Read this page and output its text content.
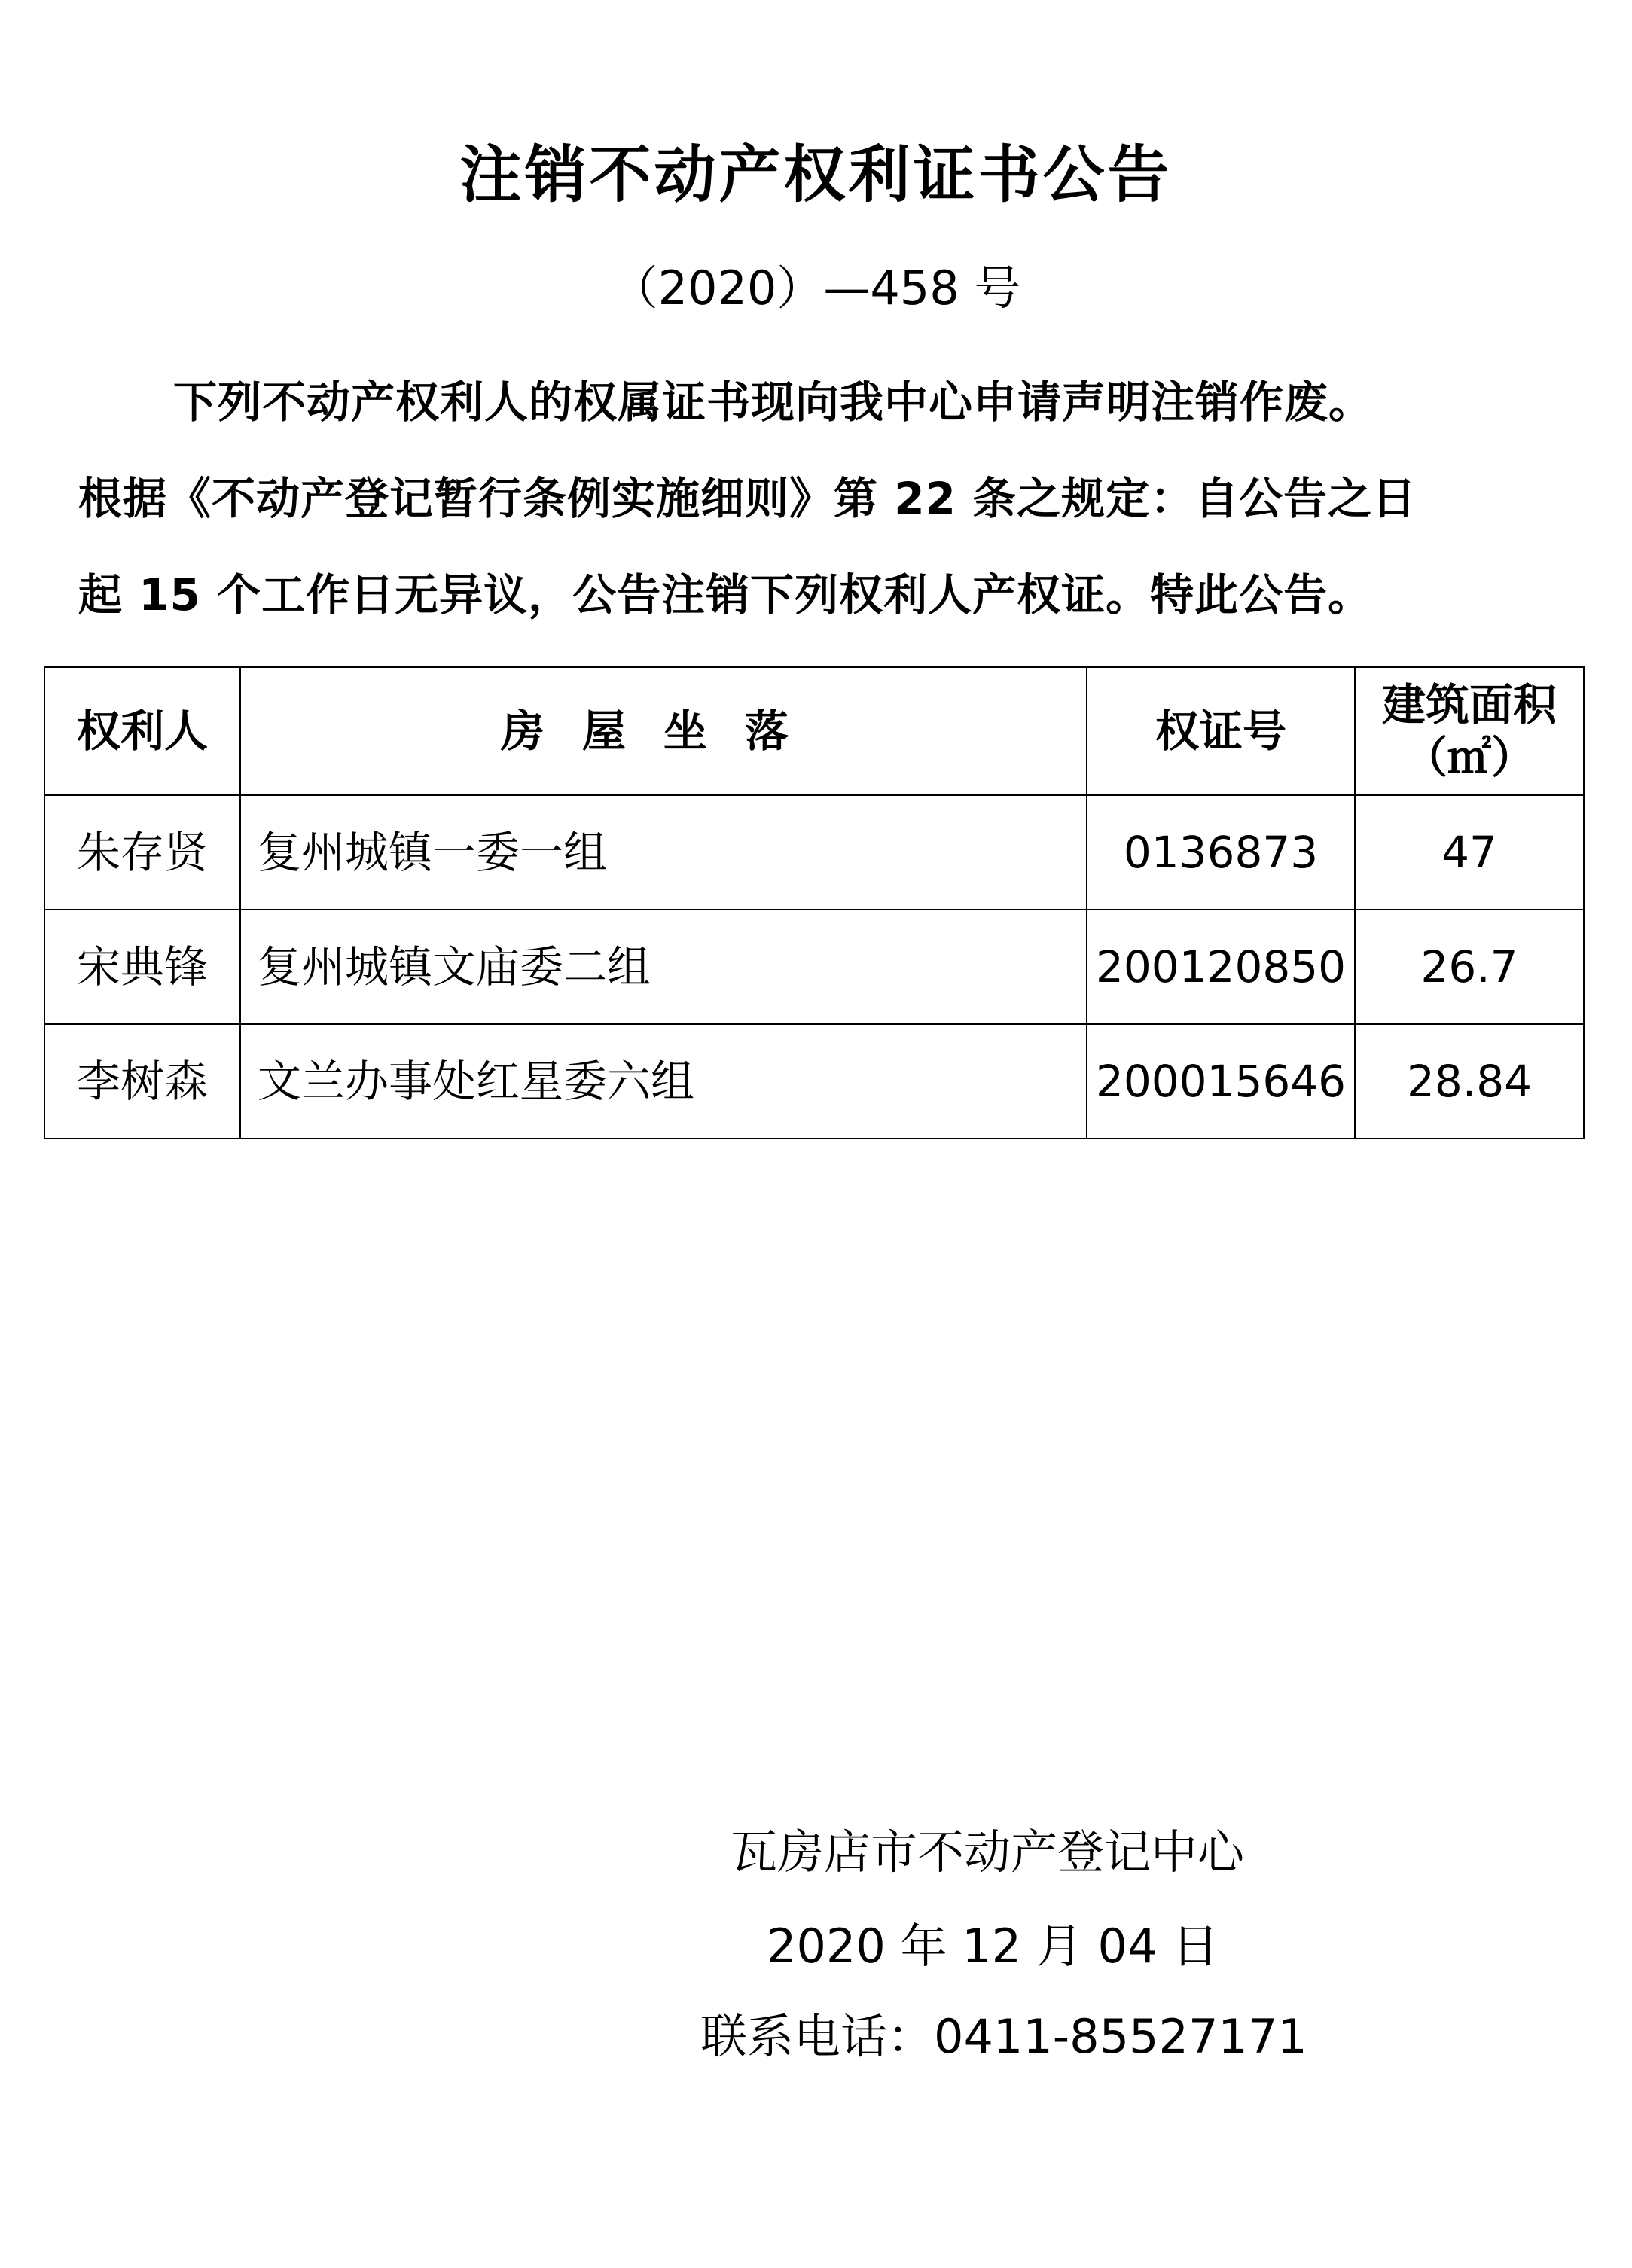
注销不动产权利证书公告
（2020）—458 号
下列不动产权利人的权属证书现向我中心申请声明注销作废。
根据《不动产登记暂行条例实施细则》第 22 条之规定：自公告之日
起 15 个工作日无异议，公告注销下列权利人产权证。特此公告。
权利人	房屋坐落	权证号	建筑面积
（㎡）

朱存贤	复州城镇一委一组	0136873	47
宋典锋	复州城镇文庙委二组	200120850	26.7
李树森	文兰办事处红星委六组	200015646	28.84
瓦房店市不动产登记中心
2020 年 12 月 04 日
联系电话：0411-85527171
